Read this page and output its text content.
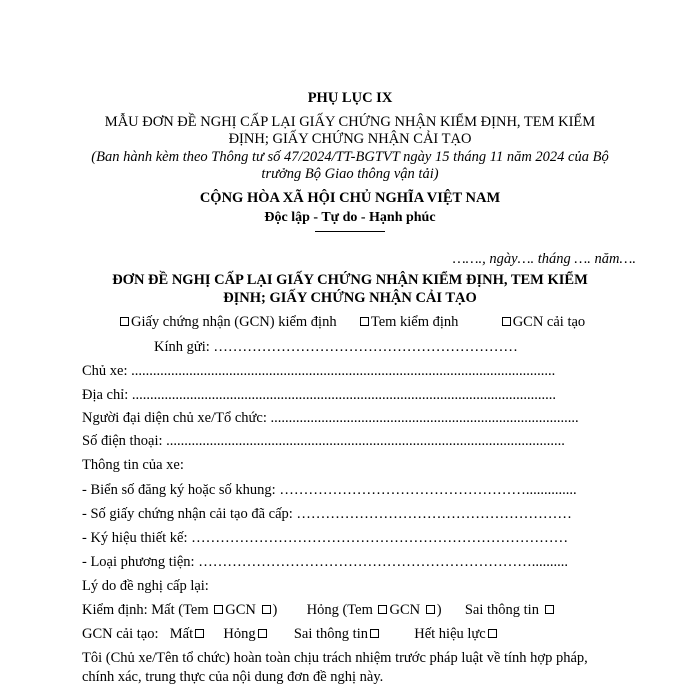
PHỤ LỤC IX
MẪU ĐƠN ĐỀ NGHỊ CẤP LẠI GIẤY CHỨNG NHẬN KIỂM ĐỊNH, TEM KIỂM
ĐỊNH; GIẤY CHỨNG NHẬN CẢI TẠO
(Ban hành kèm theo Thông tư số 47/2024/TT-BGTVT ngày 15 tháng 11 năm 2024 của Bộ
trưởng Bộ Giao thông vận tải)
CỘNG HÒA XÃ HỘI CHỦ NGHĨA VIỆT NAM
Độc lập - Tự do - Hạnh phúc
……., ngày…. tháng …. năm….
ĐƠN ĐỀ NGHỊ CẤP LẠI GIẤY CHỨNG NHẬN KIỂM ĐỊNH, TEM KIỂM
ĐỊNH; GIẤY CHỨNG NHẬN CẢI TẠO
Giấy chứng nhận (GCN) kiểm định Tem kiểm định	GCN cải tạo
Kính gửi: ………………………………………………………
Chủ xe: .....................................................................................................................
Địa chỉ: .....................................................................................................................
Người đại diện chủ xe/Tổ chức: .....................................................................................
Số điện thoại: ..............................................................................................................
Thông tin của xe:
- Biển số đăng ký hoặc số khung: ……………………………………………..............
- Số giấy chứng nhận cải tạo đã cấp: …………………………………………………
- Ký hiệu thiết kế: ……………………………………………………………………
- Loại phương tiện: ……………………………………………………………..........
Lý do đề nghị cấp lại:
Kiểm định: Mất (Tem GCN )  Hỏng (Tem GCN )  Sai thông tin
GCN cải tạo: Mất Hỏng	Sai thông tin	Hết hiệu lực
Tôi (Chủ xe/Tên tổ chức) hoàn toàn chịu trách nhiệm trước pháp luật về tính hợp pháp,
chính xác, trung thực của nội dung đơn đề nghị này.
